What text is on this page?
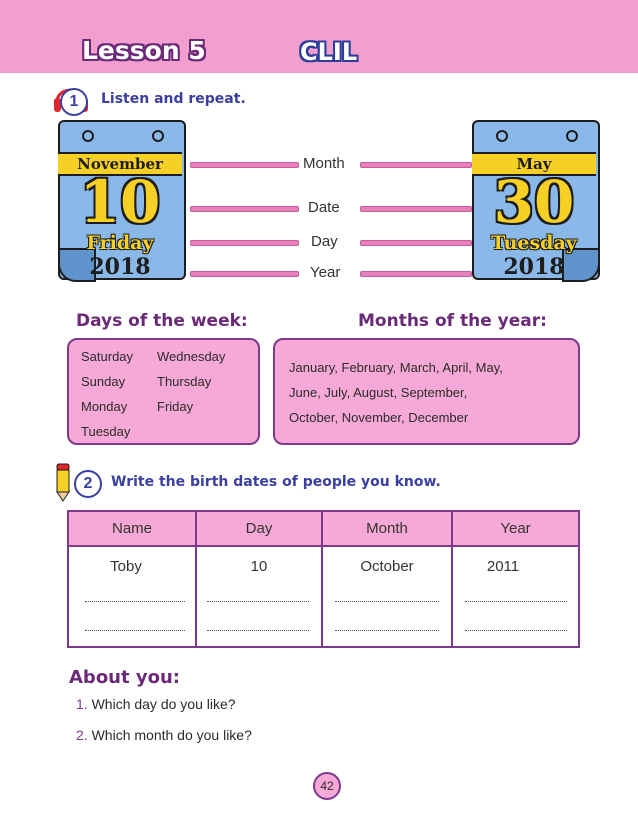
Lesson 5	CLIL
1	Listen and repeat.
November
10
Friday
2018
May
30
Tuesday
2018
Month
Date
Day
Year
Days of the week:	Months of the year:
Saturday
Sunday
Monday
Tuesday
Wednesday
Thursday
Friday
January, February, March, April, May,
June, July, August, September,
October, November, December
2	Write the birth dates of people you know.
Name	Day	Month	Year
Toby	10	October	2011
About you:
1. Which day do you like?
2. Which month do you like?
42
